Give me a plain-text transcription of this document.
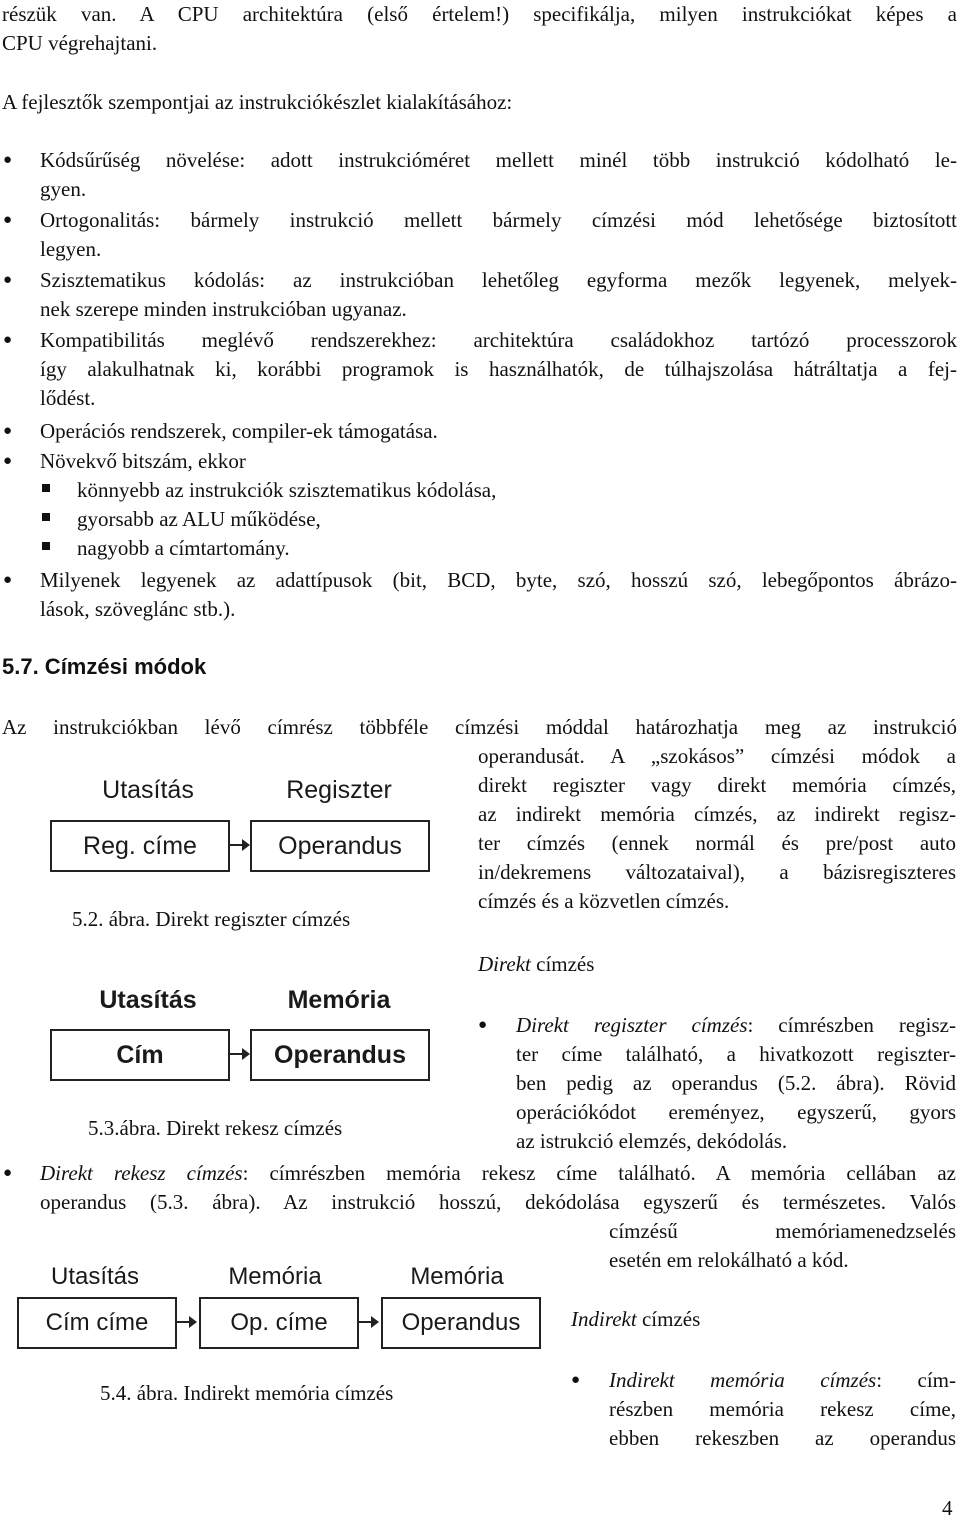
részük van. A CPU architektúra (első értelem!) specifikálja, milyen instrukciókat képes a
CPU végrehajtani.
A fejlesztők szempontjai az instrukciókészlet kialakításához:
● Kódsűrűség növelése: adott instrukcióméret mellett minél több instrukció kódolható le-
gyen.
● Ortogonalitás: bármely instrukció mellett bármely címzési mód lehetősége biztosított
legyen.
● Szisztematikus kódolás: az instrukcióban lehetőleg egyforma mezők legyenek, melyek-
nek szerepe minden instrukcióban ugyanaz.
● Kompatibilitás meglévő rendszerekhez: architektúra családokhoz tartózó processzorok
így alakulhatnak ki, korábbi programok is használhatók, de túlhajszolása hátráltatja a fej-
lődést.
● Operációs rendszerek, compiler-ek támogatása.
● Növekvő bitszám, ekkor
könnyebb az instrukciók szisztematikus kódolása,
gyorsabb az ALU működése,
nagyobb a címtartomány.
● Milyenek legyenek az adattípusok (bit, BCD, byte, szó, hosszú szó, lebegőpontos ábrázo-
lások, szöveglánc stb.).
5.7. Címzési módok
Az instrukciókban lévő címrész többféle címzési móddal határozhatja meg az instrukció
operandusát. A „szokásos” címzési módok a
direkt regiszter vagy direkt memória címzés,
az indirekt memória címzés, az indirekt regisz-
ter címzés (ennek normál és pre/post auto
in/dekremens változataival), a bázisregiszteres
címzés és a közvetlen címzés.
Utasítás	Regiszter
Reg. címe	Operandus
5.2. ábra. Direkt regiszter címzés
Direkt címzés
Utasítás	Memória
Cím	Operandus
● Direkt regiszter címzés: címrészben regisz-
ter címe található, a hivatkozott regiszter-
ben pedig az operandus (5.2. ábra). Rövid
operációkódot ereményez, egyszerű, gyors
az istrukció elemzés, dekódolás.
5.3.ábra. Direkt rekesz címzés
● Direkt rekesz címzés: címrészben memória rekesz címe található. A memória cellában az
operandus (5.3. ábra). Az instrukció hosszú, dekódolása egyszerű és természetes. Valós
címzésű	memóriamenedzselés
esetén em relokálható a kód.
Utasítás	Memória	Memória
Cím címe	Op. címe	Operandus	Indirekt címzés
● Indirekt memória címzés: cím-
részben memória rekesz címe,
ebben rekeszben az operandus
5.4. ábra. Indirekt memória címzés
4
